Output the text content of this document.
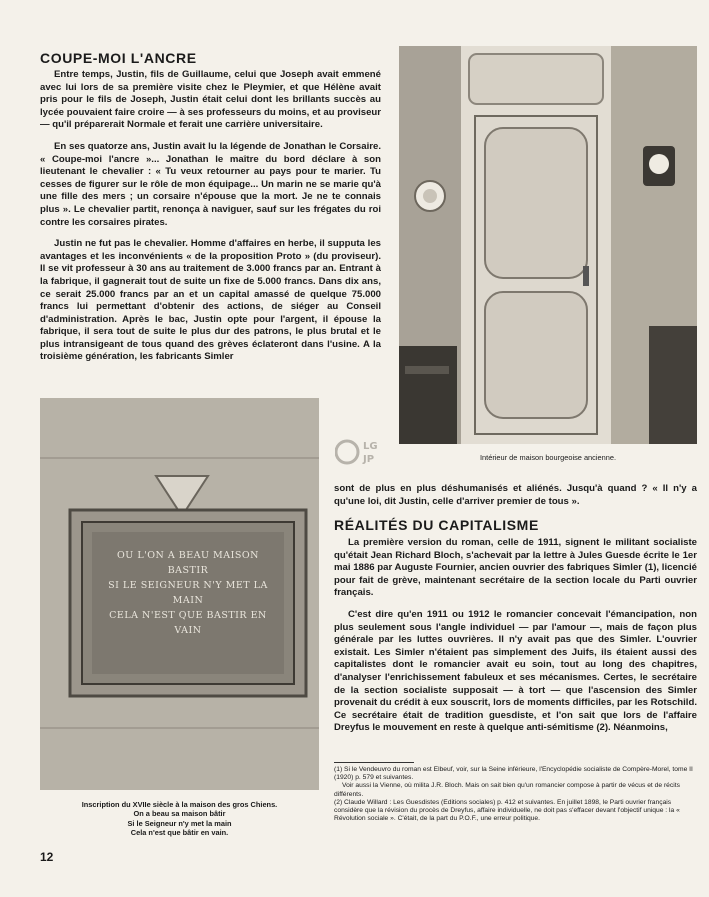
COUPE-MOI L'ANCRE

Entre temps, Justin, fils de Guillaume, celui que Joseph avait emmené avec lui lors de sa première visite chez le Pleymier, et que Hélène avait pris pour le fils de Joseph, Justin était celui dont les brillants succès au lycée pouvaient faire croire — à ses professeurs du moins, et au proviseur — qu'il préparerait Normale et ferait une carrière universitaire.

En ses quatorze ans, Justin avait lu la légende de Jonathan le Corsaire. « Coupe-moi l'ancre »... Jonathan le maître du bord déclare à son lieutenant le chevalier : « Tu veux retourner au pays pour te marier. Tu cesses de figurer sur le rôle de mon équipage... Un marin ne se marie qu'à une fille des mers ; un corsaire n'épouse que la mort. Je ne te connais plus ». Le chevalier partit, renonça à naviguer, sauf sur les frégates du roi contre les corsaires pirates.

Justin ne fut pas le chevalier. Homme d'affaires en herbe, il supputa les avantages et les inconvénients « de la proposition Proto » (du proviseur). Il se vit professeur à 30 ans au traitement de 3.000 francs par an. Entrant à la fabrique, il gagnerait tout de suite un fixe de 5.000 francs. Dans dix ans, ce serait 25.000 francs par an et un capital amassé de quelque 75.000 francs lui permettant d'obtenir des actions, de siéger au Conseil d'administration. Après le bac, Justin opte pour l'argent, il épouse la fabrique, il sera tout de suite le plus dur des patrons, le plus brutal et le plus intransigeant de tous quand des grèves éclateront dans l'usine. A la troisième génération, les fabricants Simler

Intérieur de maison bourgeoise ancienne.
LG
JP
OU L'ON A BEAU MAISON BASTIR
SI LE SEIGNEUR N'Y MET LA MAIN
CELA N'EST QUE BASTIR EN VAIN
Inscription du XVIIe siècle à la maison des gros Chiens.
On a beau sa maison bâtir
Si le Seigneur n'y met la main
Cela n'est que bâtir en vain.

sont de plus en plus déshumanisés et aliénés. Jusqu'à quand ? « Il n'y a qu'une loi, dit Justin, celle d'arriver premier de tous ».

RÉALITÉS DU CAPITALISME

La première version du roman, celle de 1911, signent le militant socialiste qu'était Jean Richard Bloch, s'achevait par la lettre à Jules Guesde écrite le 1er mai 1886 par Auguste Fournier, ancien ouvrier des fabriques Simler (1), licencié pour fait de grève, maintenant secrétaire de la section locale du Parti ouvrier français.

C'est dire qu'en 1911 ou 1912 le romancier concevait l'émancipation, non plus seulement sous l'angle individuel — par l'amour —, mais de façon plus générale par les luttes ouvrières. Il n'y avait pas que des Simler. L'ouvrier existait. Les Simler n'étaient pas simplement des Juifs, ils étaient aussi des capitalistes dont le romancier avait eu soin, tout au long des chapitres, d'analyser l'enrichissement fabuleux et ses mécanismes. Certes, le secrétaire de la section socialiste supposait — à tort — que l'ascension des Simler provenait du crédit à eux souscrit, lors de moments difficiles, par les Rotschild. Ce secrétaire était de tradition guesdiste, et l'on sait que lors de l'affaire Dreyfus le mouvement en reste à quelque anti-sémitisme (2). Néanmoins,

(1) Si le Vendeuvro du roman est Elbeuf, voir, sur la Seine inférieure, l'Encyclopédie socialiste de Compère-Morel, tome II (1920) p. 579 et suivantes.
Voir aussi la Vienne, où milita J.R. Bloch. Mais on sait bien qu'un romancier compose à partir de vécus et de récits différents.
(2) Claude Willard : Les Guesdistes (Editions sociales) p. 412 et suivantes. En juillet 1898, le Parti ouvrier français considère que la révision du procès de Dreyfus, affaire individuelle, ne doit pas s'effacer devant l'objectif unique : la « Révolution sociale ». C'était, de la part du P.O.F., une erreur politique.
12
